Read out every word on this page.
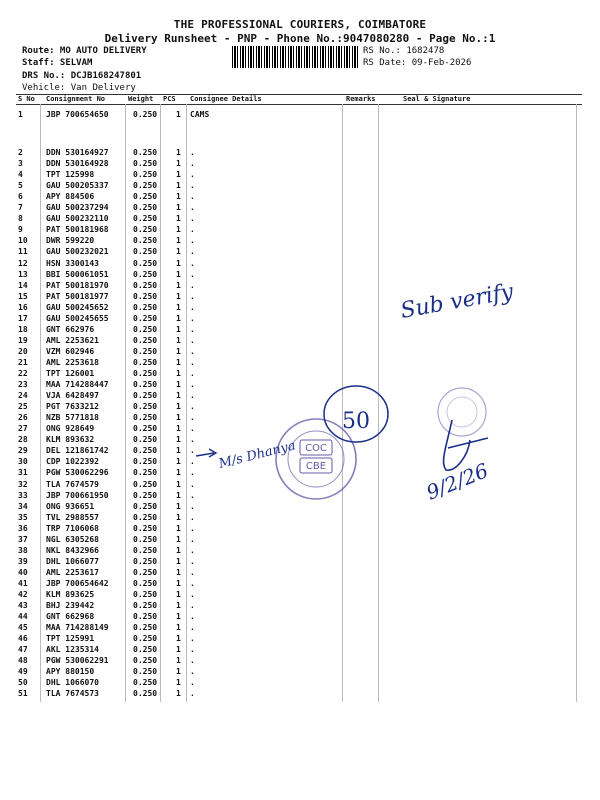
THE PROFESSIONAL COURIERS, COIMBATORE
Delivery Runsheet - PNP - Phone No.:9047080280 - Page No.:1
Route: MO AUTO DELIVERY
Staff: SELVAM
DRS No.: DCJB168247801
Vehicle: Van Delivery
RS No.: 1682478
RS Date: 09-Feb-2026
S No Consignment No	Weight PCS Consignee Details	Remarks	Seal & Signature
1	JBP 700654650	0.250 1 CAMS
2	DDN 530164927	0.250 1 .
3	DDN 530164928	0.250 1 .
4	TPT 125998	0.250 1 .
5	GAU 500205337	0.250 1 .
6	APY 884506	0.250 1 .
7	GAU 500237294	0.250 1 .
8	GAU 500232110	0.250 1 .
9	PAT 500181968	0.250 1 .
10 DWR 599220	0.250 1 .
11 GAU 500232021	0.250 1 .
12 HSN 3300143	0.250 1 .
13 BBI 500061051	0.250 1 .
14 PAT 500181970	0.250 1 .
15 PAT 500181977	0.250 1 .
16 GAU 500245652	0.250 1 .
17 GAU 500245655	0.250 1 .
18 GNT 662976	0.250 1 .
19 AML 2253621	0.250 1 .
20 VZM 602946	0.250 1 .
21 AML 2253618	0.250 1 .
22 TPT 126001	0.250 1 .
23 MAA 714288447	0.250 1 .
24 VJA 6428497	0.250 1 .
25 PGT 7633212	0.250 1 .
26 NZB 5771818	0.250 1 .
27 ONG 928649	0.250 1 .
28 KLM 893632	0.250 1 .
29 DEL 121861742	0.250 1 .
30 CDP 1022392	0.250 1 .
31 PGW 530062296	0.250 1 .
32 TLA 7674579	0.250 1 .
33 JBP 700661950	0.250 1 .
34 ONG 936651	0.250 1 .
35 TVL 2988557	0.250 1 .
36 TRP 7106068	0.250 1 .
37 NGL 6305268	0.250 1 .
38 NKL 8432966	0.250 1 .
39 DHL 1066077	0.250 1 .
40 AML 2253617	0.250 1 .
41 JBP 700654642	0.250 1 .
42 KLM 893625	0.250 1 .
43 BHJ 239442	0.250 1 .
44 GNT 662968	0.250 1 .
45 MAA 714288149	0.250 1 .
46 TPT 125991	0.250 1 .
47 AKL 1235314	0.250 1 .
48 PGW 530062291	0.250 1 .
49 APY 880150	0.250 1 .
50 DHL 1066070	0.250 1 .
51 TLA 7674573	0.250 1 .
COC
CBE
Sub verify
M/s Dhanya
50
9/2/26
